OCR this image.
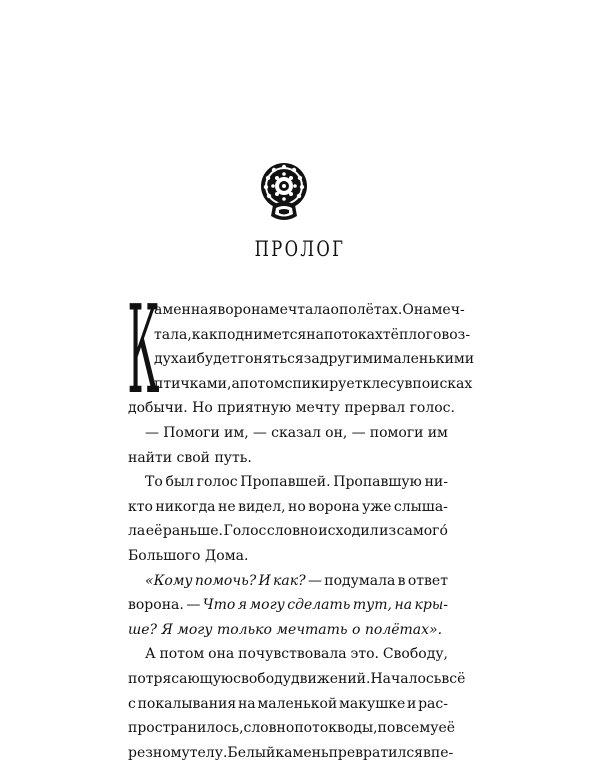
ПРОЛОГ
К
аменная ворона мечтала о полётах. Она меч-
тала, как поднимется на потоках тёплого воз-
духа и будет гоняться за другими маленькими
птичками, а потом спикирует к лесу в поисках
добычи. Но приятную мечту прервал голос.
— Помоги им, — сказал он, — помоги им
найти свой путь.
То был голос Пропавшей. Пропавшую ни-
кто никогда не видел, но ворона уже слыша-
ла её раньше. Голос словно исходил из самого́
Большого Дома.
«Кому помочь? И как? — подумала в ответ
ворона. — Что я могу сделать тут, на кры-
ше? Я могу только мечтать о полётах».
А потом она почувствовала это. Свободу,
потрясающую свободу движений. Началось всё
с покалывания на маленькой макушке и рас-
пространилось, словно поток воды, по всему её
резному телу. Белый камень превратился в пе-
